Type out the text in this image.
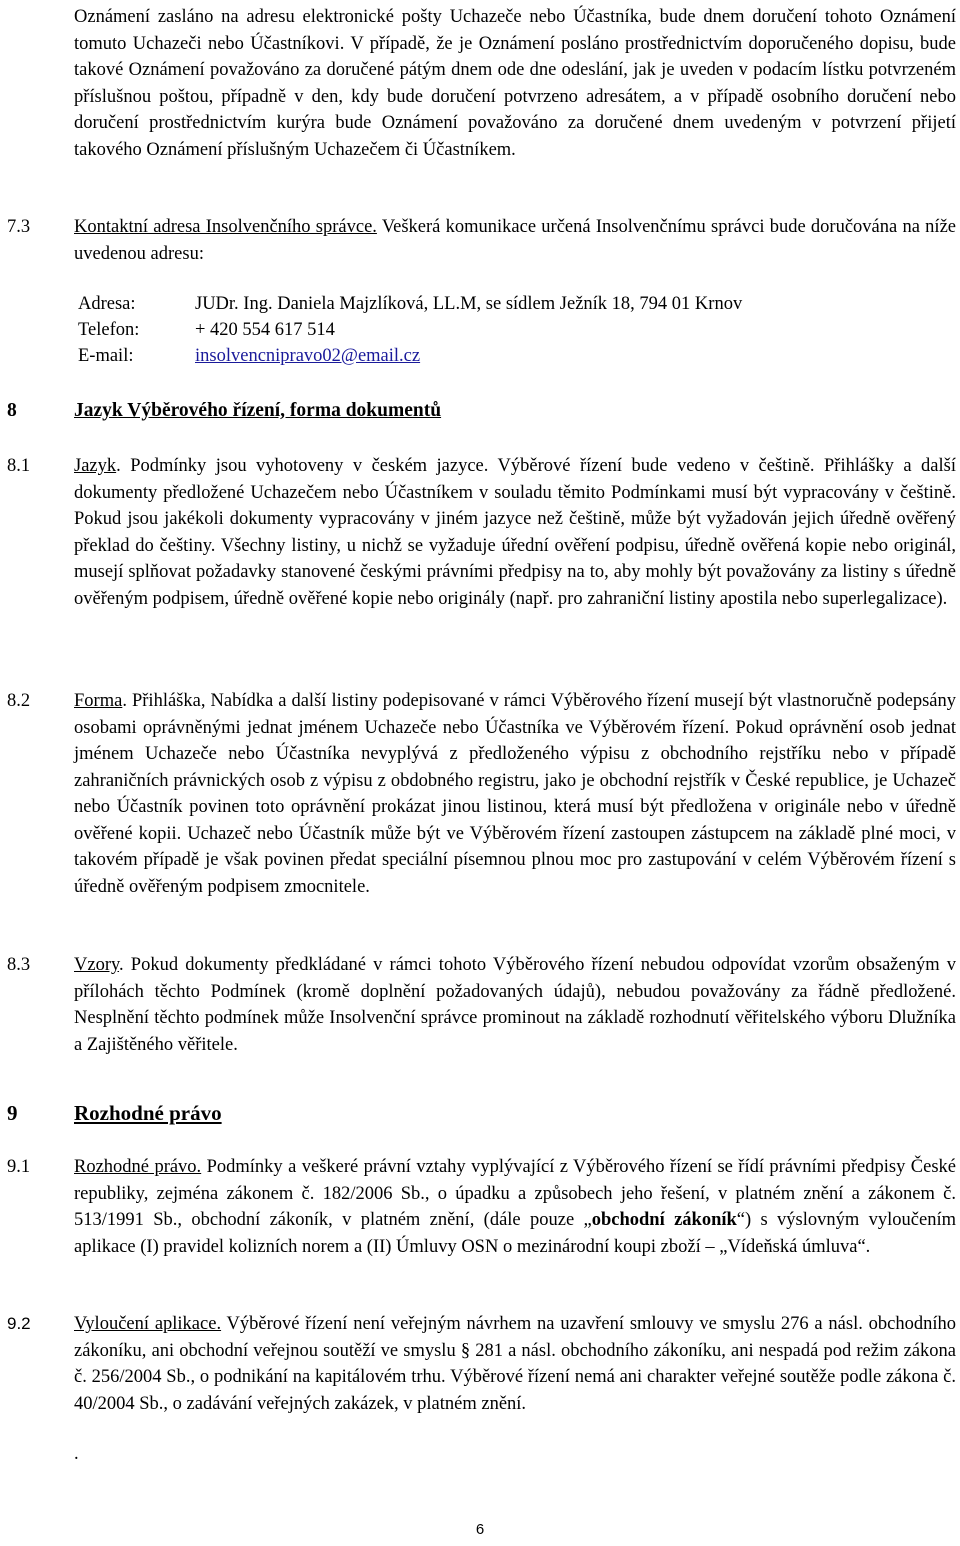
Oznámení zasláno na adresu elektronické pošty Uchazeče nebo Účastníka, bude dnem doručení tohoto Oznámení tomuto Uchazeči nebo Účastníkovi. V případě, že je Oznámení posláno prostřednictvím doporučeného dopisu, bude takové Oznámení považováno za doručené pátým dnem ode dne odeslání, jak je uveden v podacím lístku potvrzeném příslušnou poštou, případně v den, kdy bude doručení potvrzeno adresátem, a v případě osobního doručení nebo doručení prostřednictvím kurýra bude Oznámení považováno za doručené dnem uvedeným v potvrzení přijetí takového Oznámení příslušným Uchazečem či Účastníkem.
7.3 Kontaktní adresa Insolvenčního správce. Veškerá komunikace určená Insolvenčnímu správci bude doručována na níže uvedenou adresu:
Adresa:	JUDr. Ing. Daniela Majzlíková, LL.M, se sídlem Ježník 18, 794 01 Krnov
Telefon:	+ 420 554 617 514
E-mail:	insolvencnipravo02@email.cz
8	Jazyk Výběrového řízení, forma dokumentů
8.1 Jazyk. Podmínky jsou vyhotoveny v českém jazyce. Výběrové řízení bude vedeno v češtině. Přihlášky a další dokumenty předložené Uchazečem nebo Účastníkem v souladu těmito Podmínkami musí být vypracovány v češtině. Pokud jsou jakékoli dokumenty vypracovány v jiném jazyce než češtině, může být vyžadován jejich úředně ověřený překlad do češtiny. Všechny listiny, u nichž se vyžaduje úřední ověření podpisu, úředně ověřená kopie nebo originál, musejí splňovat požadavky stanovené českými právními předpisy na to, aby mohly být považovány za listiny s úředně ověřeným podpisem, úředně ověřené kopie nebo originály (např. pro zahraniční listiny apostila nebo superlegalizace).
8.2 Forma. Přihláška, Nabídka a další listiny podepisované v rámci Výběrového řízení musejí být vlastnoručně podepsány osobami oprávněnými jednat jménem Uchazeče nebo Účastníka ve Výběrovém řízení. Pokud oprávnění osob jednat jménem Uchazeče nebo Účastníka nevyplývá z předloženého výpisu z obchodního rejstříku nebo v případě zahraničních právnických osob z výpisu z obdobného registru, jako je obchodní rejstřík v České republice, je Uchazeč nebo Účastník povinen toto oprávnění prokázat jinou listinou, která musí být předložena v originále nebo v úředně ověřené kopii. Uchazeč nebo Účastník může být ve Výběrovém řízení zastoupen zástupcem na základě plné moci, v takovém případě je však povinen předat speciální písemnou plnou moc pro zastupování v celém Výběrovém řízení s úředně ověřeným podpisem zmocnitele.
8.3 Vzory. Pokud dokumenty předkládané v rámci tohoto Výběrového řízení nebudou odpovídat vzorům obsaženým v přílohách těchto Podmínek (kromě doplnění požadovaných údajů), nebudou považovány za řádně předložené. Nesplnění těchto podmínek může Insolvenční správce prominout na základě rozhodnutí věřitelského výboru Dlužníka a Zajištěného věřitele.
9	Rozhodné právo
9.1 Rozhodné právo. Podmínky a veškeré právní vztahy vyplývající z Výběrového řízení se řídí právními předpisy České republiky, zejména zákonem č. 182/2006 Sb., o úpadku a způsobech jeho řešení, v platném znění a zákonem č. 513/1991 Sb., obchodní zákoník, v platném znění, (dále pouze „obchodní zákoník“) s výslovným vyloučením aplikace (I) pravidel kolizních norem a (II) Úmluvy OSN o mezinárodní koupi zboží – „Vídeňská úmluva“.
9.2 Vyloučení aplikace. Výběrové řízení není veřejným návrhem na uzavření smlouvy ve smyslu 276 a násl. obchodního zákoníku, ani obchodní veřejnou soutěží ve smyslu § 281 a násl. obchodního zákoníku, ani nespadá pod režim zákona č. 256/2004 Sb., o podnikání na kapitálovém trhu. Výběrové řízení nemá ani charakter veřejné soutěže podle zákona č. 40/2004 Sb., o zadávání veřejných zakázek, v platném znění.
.
6
